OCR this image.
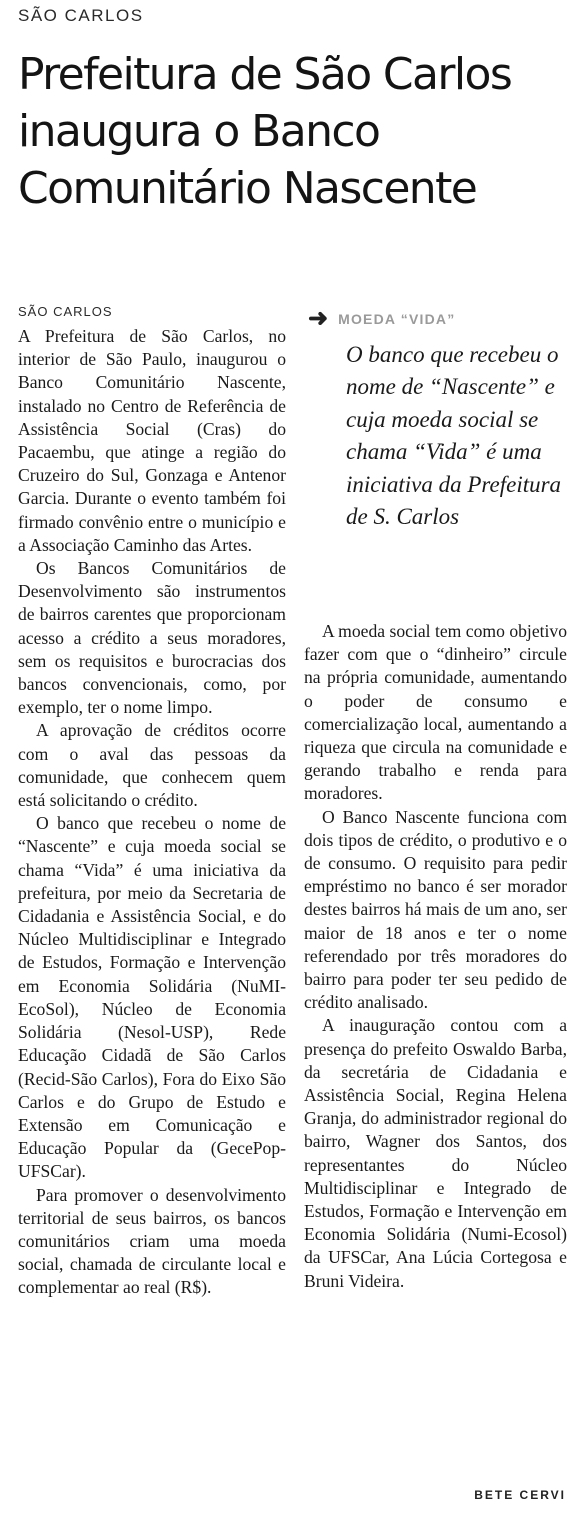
SÃO CARLOS
Prefeitura de São Carlos inaugura o Banco Comunitário Nascente
SÃO CARLOS

A Prefeitura de São Carlos, no interior de São Paulo, inaugurou o Banco Comunitário Nascente, instalado no Centro de Referência de Assistência Social (Cras) do Pacaembu, que atinge a região do Cruzeiro do Sul, Gonzaga e Antenor Garcia. Durante o evento também foi firmado convênio entre o município e a Associação Caminho das Artes.

Os Bancos Comunitários de Desenvolvimento são instrumentos de bairros carentes que proporcionam acesso a crédito a seus moradores, sem os requisitos e burocracias dos bancos convencionais, como, por exemplo, ter o nome limpo.

A aprovação de créditos ocorre com o aval das pessoas da comunidade, que conhecem quem está solicitando o crédito.

O banco que recebeu o nome de “Nascente” e cuja moeda social se chama “Vida” é uma iniciativa da prefeitura, por meio da Secretaria de Cidadania e Assistência Social, e do Núcleo Multidisciplinar e Integrado de Estudos, Formação e Intervenção em Economia Solidária (NuMI-EcoSol), Núcleo de Economia Solidária (Nesol-USP), Rede Educação Cidadã de São Carlos (Recid-São Carlos), Fora do Eixo São Carlos e do Grupo de Estudo e Extensão em Comunicação e Educação Popular da (GecePop-UFSCar).

Para promover o desenvolvimento territorial de seus bairros, os bancos comunitários criam uma moeda social, chamada de circulante local e complementar ao real (R$).

➜ MOEDA “VIDA”
O banco que recebeu o nome de “Nascente” e cuja moeda social se chama “Vida” é uma iniciativa da Prefeitura de S. Carlos

A moeda social tem como objetivo fazer com que o “dinheiro” circule na própria comunidade, aumentando o poder de consumo e comercialização local, aumentando a riqueza que circula na comunidade e gerando trabalho e renda para moradores.

O Banco Nascente funciona com dois tipos de crédito, o produtivo e o de consumo. O requisito para pedir empréstimo no banco é ser morador destes bairros há mais de um ano, ser maior de 18 anos e ter o nome referendado por três moradores do bairro para poder ter seu pedido de crédito analisado.

A inauguração contou com a presença do prefeito Oswaldo Barba, da secretária de Cidadania e Assistência Social, Regina Helena Granja, do administrador regional do bairro, Wagner dos Santos, dos representantes do Núcleo Multidisciplinar e Integrado de Estudos, Formação e Intervenção em Economia Solidária (Numi-Ecosol) da UFSCar, Ana Lúcia Cortegosa e Bruni Videira.

BETE CERVI
